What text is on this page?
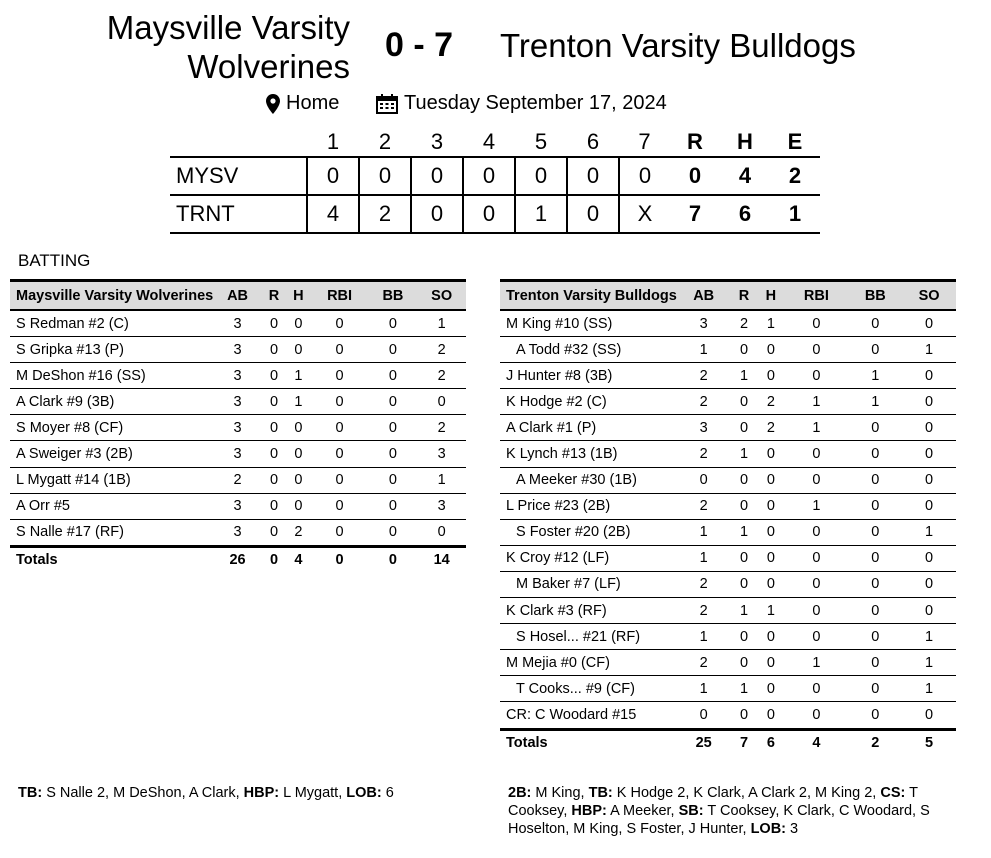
Maysville Varsity
Wolverines
0 - 7 Trenton Varsity Bulldogs
Home	Tuesday September 17, 2024
	1	2	3	4	5	6	7	R	H	E
MYSV	0	0	0	0	0	0	0	0	4	2
TRNT	4	2	0	0	1	0	X	7	6	1
BATTING
Maysville Varsity Wolverines	AB	R	H	RBI	BB	SO
S Redman #2 (C)	3	0	0	0	0	1
S Gripka #13 (P)	3	0	0	0	0	2
M DeShon #16 (SS)	3	0	1	0	0	2
A Clark #9 (3B)	3	0	1	0	0	0
S Moyer #8 (CF)	3	0	0	0	0	2
A Sweiger #3 (2B)	3	0	0	0	0	3
L Mygatt #14 (1B)	2	0	0	0	0	1
A Orr #5	3	0	0	0	0	3
S Nalle #17 (RF)	3	0	2	0	0	0
Totals	26	0	4	0	0	14
Trenton Varsity Bulldogs	AB	R	H	RBI	BB	SO
M King #10 (SS)	3	2	1	0	0	0
A Todd #32 (SS)	1	0	0	0	0	1
J Hunter #8 (3B)	2	1	0	0	1	0
K Hodge #2 (C)	2	0	2	1	1	0
A Clark #1 (P)	3	0	2	1	0	0
K Lynch #13 (1B)	2	1	0	0	0	0
A Meeker #30 (1B)	0	0	0	0	0	0
L Price #23 (2B)	2	0	0	1	0	0
S Foster #20 (2B)	1	1	0	0	0	1
K Croy #12 (LF)	1	0	0	0	0	0
M Baker #7 (LF)	2	0	0	0	0	0
K Clark #3 (RF)	2	1	1	0	0	0
S Hosel... #21 (RF)	1	0	0	0	0	1
M Mejia #0 (CF)	2	0	0	1	0	1
T Cooks... #9 (CF)	1	1	0	0	0	1
CR: C Woodard #15	0	0	0	0	0	0
Totals	25	7	6	4	2	5
TB: S Nalle 2, M DeShon, A Clark, HBP: L Mygatt, LOB: 6	2B: M King, TB: K Hodge 2, K Clark, A Clark 2, M King 2, CS: T Cooksey, HBP: A Meeker, SB: T Cooksey, K Clark, C Woodard, S Hoselton, M King, S Foster, J Hunter, LOB: 3
